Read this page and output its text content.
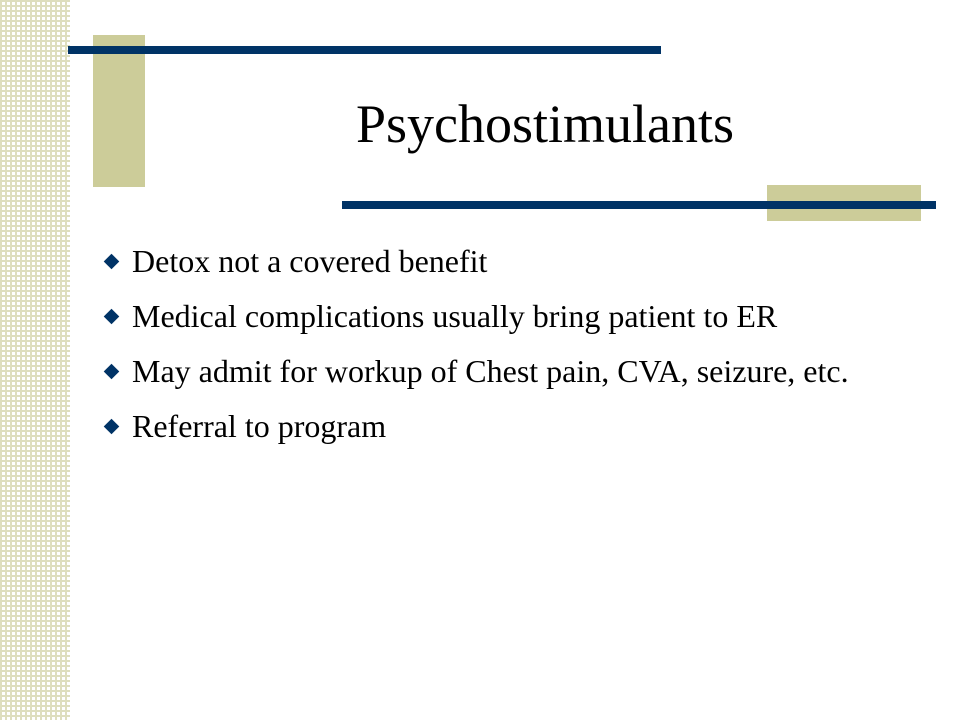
Psychostimulants
Detox not a covered benefit
Medical complications usually bring patient to ER
May admit for workup of Chest pain, CVA, seizure, etc.
Referral to program
